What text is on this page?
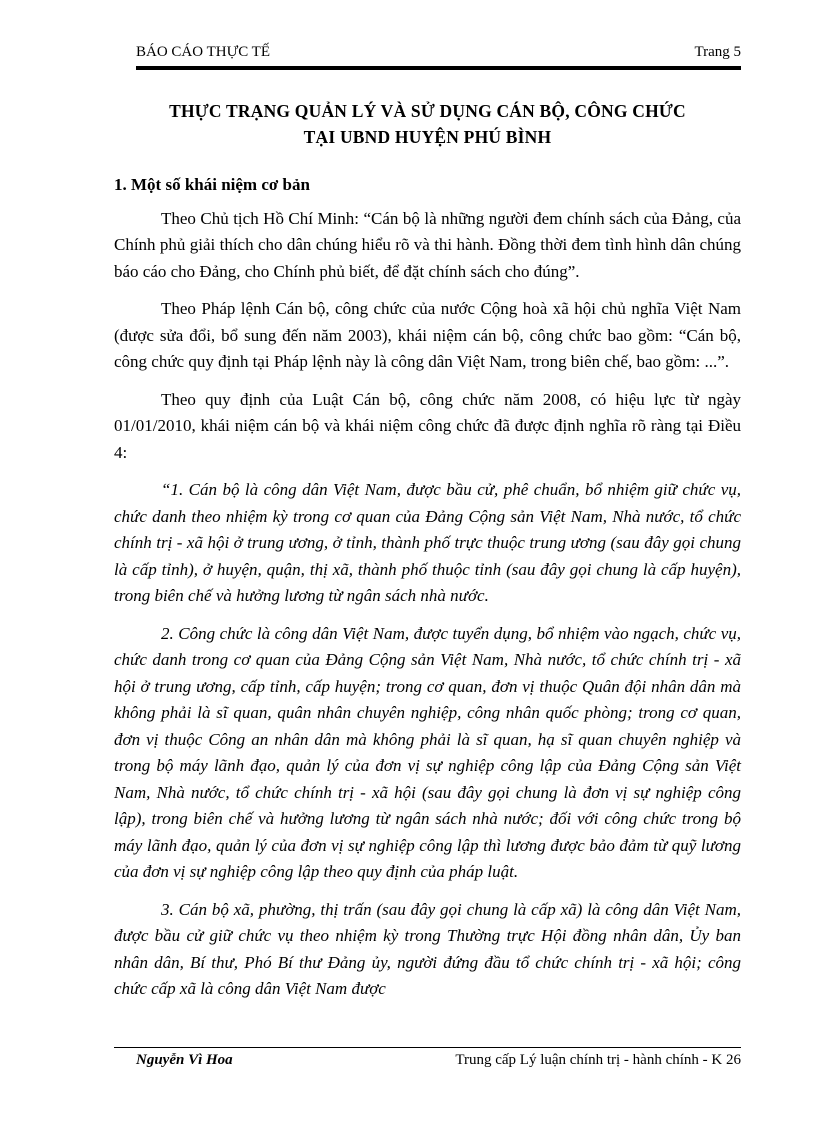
BÁO CÁO THỰC TẾ	Trang 5
THỰC TRẠNG QUẢN LÝ VÀ SỬ DỤNG CÁN BỘ, CÔNG CHỨC
TẠI UBND HUYỆN PHÚ BÌNH
1. Một số khái niệm cơ bản

Theo Chủ tịch Hồ Chí Minh: “Cán bộ là những người đem chính sách của Đảng, của Chính phủ giải thích cho dân chúng hiểu rõ và thi hành. Đồng thời đem tình hình dân chúng báo cáo cho Đảng, cho Chính phủ biết, để đặt chính sách cho đúng”.

Theo Pháp lệnh Cán bộ, công chức của nước Cộng hoà xã hội chủ nghĩa Việt Nam (được sửa đổi, bổ sung đến năm 2003), khái niệm cán bộ, công chức bao gồm: “Cán bộ, công chức quy định tại Pháp lệnh này là công dân Việt Nam, trong biên chế, bao gồm: ...”.

Theo quy định của Luật Cán bộ, công chức năm 2008, có hiệu lực từ ngày 01/01/2010, khái niệm cán bộ và khái niệm công chức đã được định nghĩa rõ ràng tại Điều 4:

“1. Cán bộ là công dân Việt Nam, được bầu cử, phê chuẩn, bổ nhiệm giữ chức vụ, chức danh theo nhiệm kỳ trong cơ quan của Đảng Cộng sản Việt Nam, Nhà nước, tổ chức chính trị - xã hội ở trung ương, ở tỉnh, thành phố trực thuộc trung ương (sau đây gọi chung là cấp tỉnh), ở huyện, quận, thị xã, thành phố thuộc tỉnh (sau đây gọi chung là cấp huyện), trong biên chế và hưởng lương từ ngân sách nhà nước.

2. Công chức là công dân Việt Nam, được tuyển dụng, bổ nhiệm vào ngạch, chức vụ, chức danh trong cơ quan của Đảng Cộng sản Việt Nam, Nhà nước, tổ chức chính trị - xã hội ở trung ương, cấp tỉnh, cấp huyện; trong cơ quan, đơn vị thuộc Quân đội nhân dân mà không phải là sĩ quan, quân nhân chuyên nghiệp, công nhân quốc phòng; trong cơ quan, đơn vị thuộc Công an nhân dân mà không phải là sĩ quan, hạ sĩ quan chuyên nghiệp và trong bộ máy lãnh đạo, quản lý của đơn vị sự nghiệp công lập của Đảng Cộng sản Việt Nam, Nhà nước, tổ chức chính trị - xã hội (sau đây gọi chung là đơn vị sự nghiệp công lập), trong biên chế và hưởng lương từ ngân sách nhà nước; đối với công chức trong bộ máy lãnh đạo, quản lý của đơn vị sự nghiệp công lập thì lương được bảo đảm từ quỹ lương của đơn vị sự nghiệp công lập theo quy định của pháp luật.

3. Cán bộ xã, phường, thị trấn (sau đây gọi chung là cấp xã) là công dân Việt Nam, được bầu cử giữ chức vụ theo nhiệm kỳ trong Thường trực Hội đồng nhân dân, Ủy ban nhân dân, Bí thư, Phó Bí thư Đảng ủy, người đứng đầu tổ chức chính trị - xã hội; công chức cấp xã là công dân Việt Nam được

Nguyễn Vì Hoa	Trung cấp Lý luận chính trị - hành chính - K 26
